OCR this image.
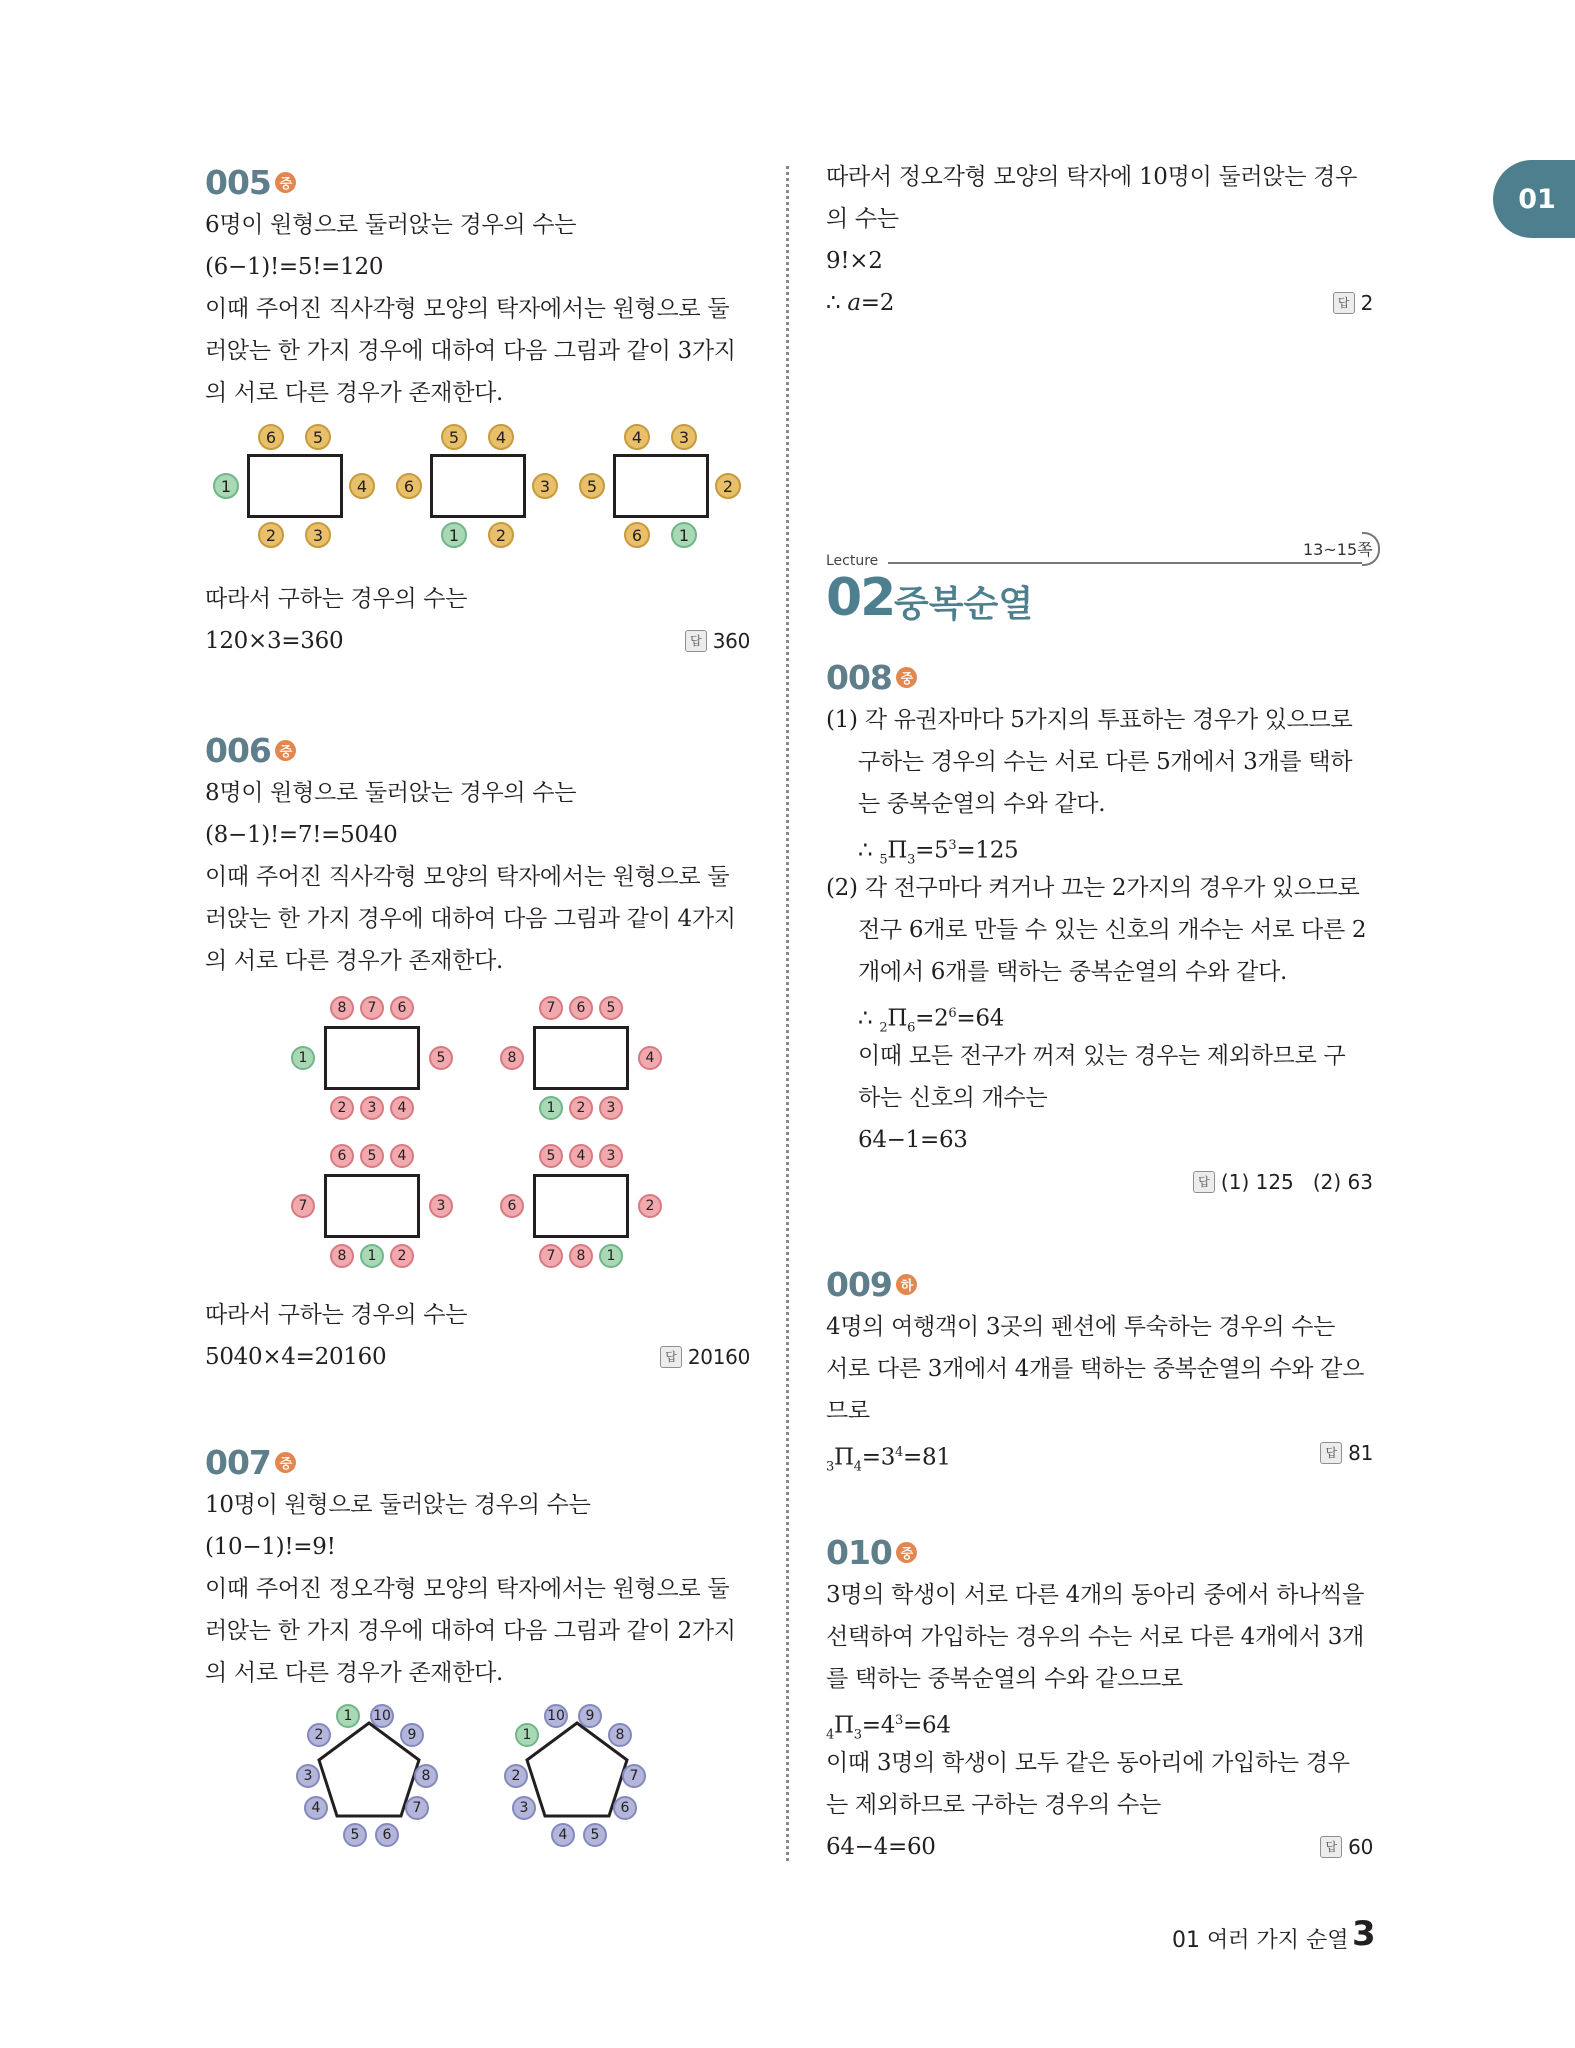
01
005 중
6명이 원형으로 둘러앉는 경우의 수는
(6−1)!=5!=120
이때 주어진 직사각형 모양의 탁자에서는 원형으로 둘
러앉는 한 가지 경우에 대하여 다음 그림과 같이 3가지
의 서로 다른 경우가 존재한다.
6	5
1	4
2	3
5	4
6	3
1	2
4	3
5	2
6	1
따라서 구하는 경우의 수는
120×3=360	답 360
006 중
8명이 원형으로 둘러앉는 경우의 수는
(8−1)!=7!=5040
이때 주어진 직사각형 모양의 탁자에서는 원형으로 둘
러앉는 한 가지 경우에 대하여 다음 그림과 같이 4가지
의 서로 다른 경우가 존재한다.
8	7	6
1	5
2	3	4
7	6	5
8	4
1	2	3
6	5	4
7	3
8	1	2
5	4	3
6	2
7	8	1
따라서 구하는 경우의 수는
5040×4=20160	답 20160
007 중
10명이 원형으로 둘러앉는 경우의 수는
(10−1)!=9!
이때 주어진 정오각형 모양의 탁자에서는 원형으로 둘
러앉는 한 가지 경우에 대하여 다음 그림과 같이 2가지
의 서로 다른 경우가 존재한다.
1	10
9
8
7
6
5
4
3
2
10	9
8
7
6
5
4
3
2
1
따라서 정오각형 모양의 탁자에 10명이 둘러앉는 경우
의 수는
9!×2
∴ a=2	답 2
Lecture
13~15쪽
02 중복순열
008 중
(1) 각 유권자마다 5가지의 투표하는 경우가 있으므로
구하는 경우의 수는 서로 다른 5개에서 3개를 택하
는 중복순열의 수와 같다.
∴ $_5\Pi_3=5^3=125$
(2) 각 전구마다 켜거나 끄는 2가지의 경우가 있으므로
전구 6개로 만들 수 있는 신호의 개수는 서로 다른 2
개에서 6개를 택하는 중복순열의 수와 같다.
∴ $_2\Pi_6=2^6=64$
이때 모든 전구가 꺼져 있는 경우는 제외하므로 구
하는 신호의 개수는
64−1=63
답 (1) 125   (2) 63
009 하
4명의 여행객이 3곳의 펜션에 투숙하는 경우의 수는
서로 다른 3개에서 4개를 택하는 중복순열의 수와 같으
므로
$_3\Pi_4=3^4=81$	답 81
010 중
3명의 학생이 서로 다른 4개의 동아리 중에서 하나씩을
선택하여 가입하는 경우의 수는 서로 다른 4개에서 3개
를 택하는 중복순열의 수와 같으므로
$_4\Pi_3=4^3=64$
이때 3명의 학생이 모두 같은 동아리에 가입하는 경우
는 제외하므로 구하는 경우의 수는
64−4=60	답 60
01 여러 가지 순열 3
